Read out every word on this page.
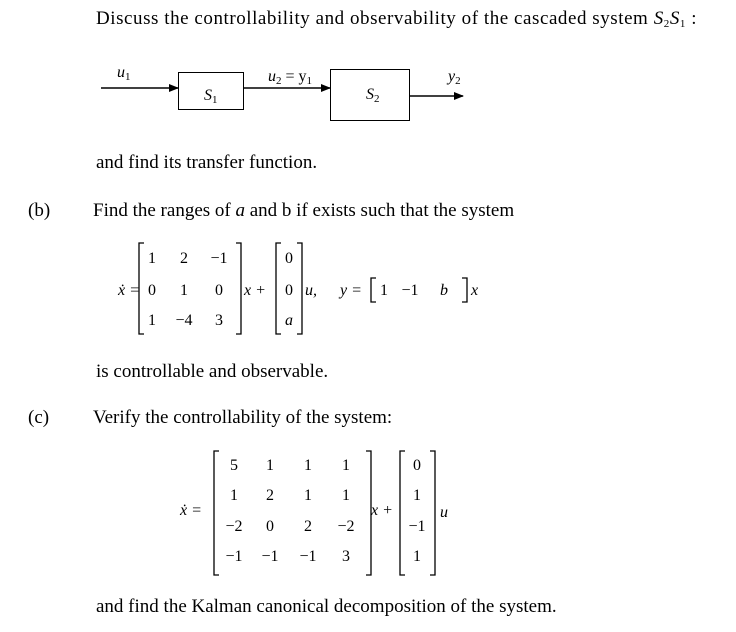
Discuss the controllability and observability of the cascaded system $S_2S_1$ :
$u_1$
$S_1$
$u_2 = y_1$
$S_2$
$y_2$
and find its transfer function.
(b) Find the ranges of a and b if exists such that the system
ẋ =
1	2	−1
0	1	0
1	−4	3
x +
0
0
a
u, y = 1 −1	b	x
is controllable and observable.
(c) Verify the controllability of the system:
ẋ =
5	1	1	1
1	2	1	1
−2	0	2	−2
−1	−1	−1	3
x +
0
1
−1
1
u
and find the Kalman canonical decomposition of the system.
